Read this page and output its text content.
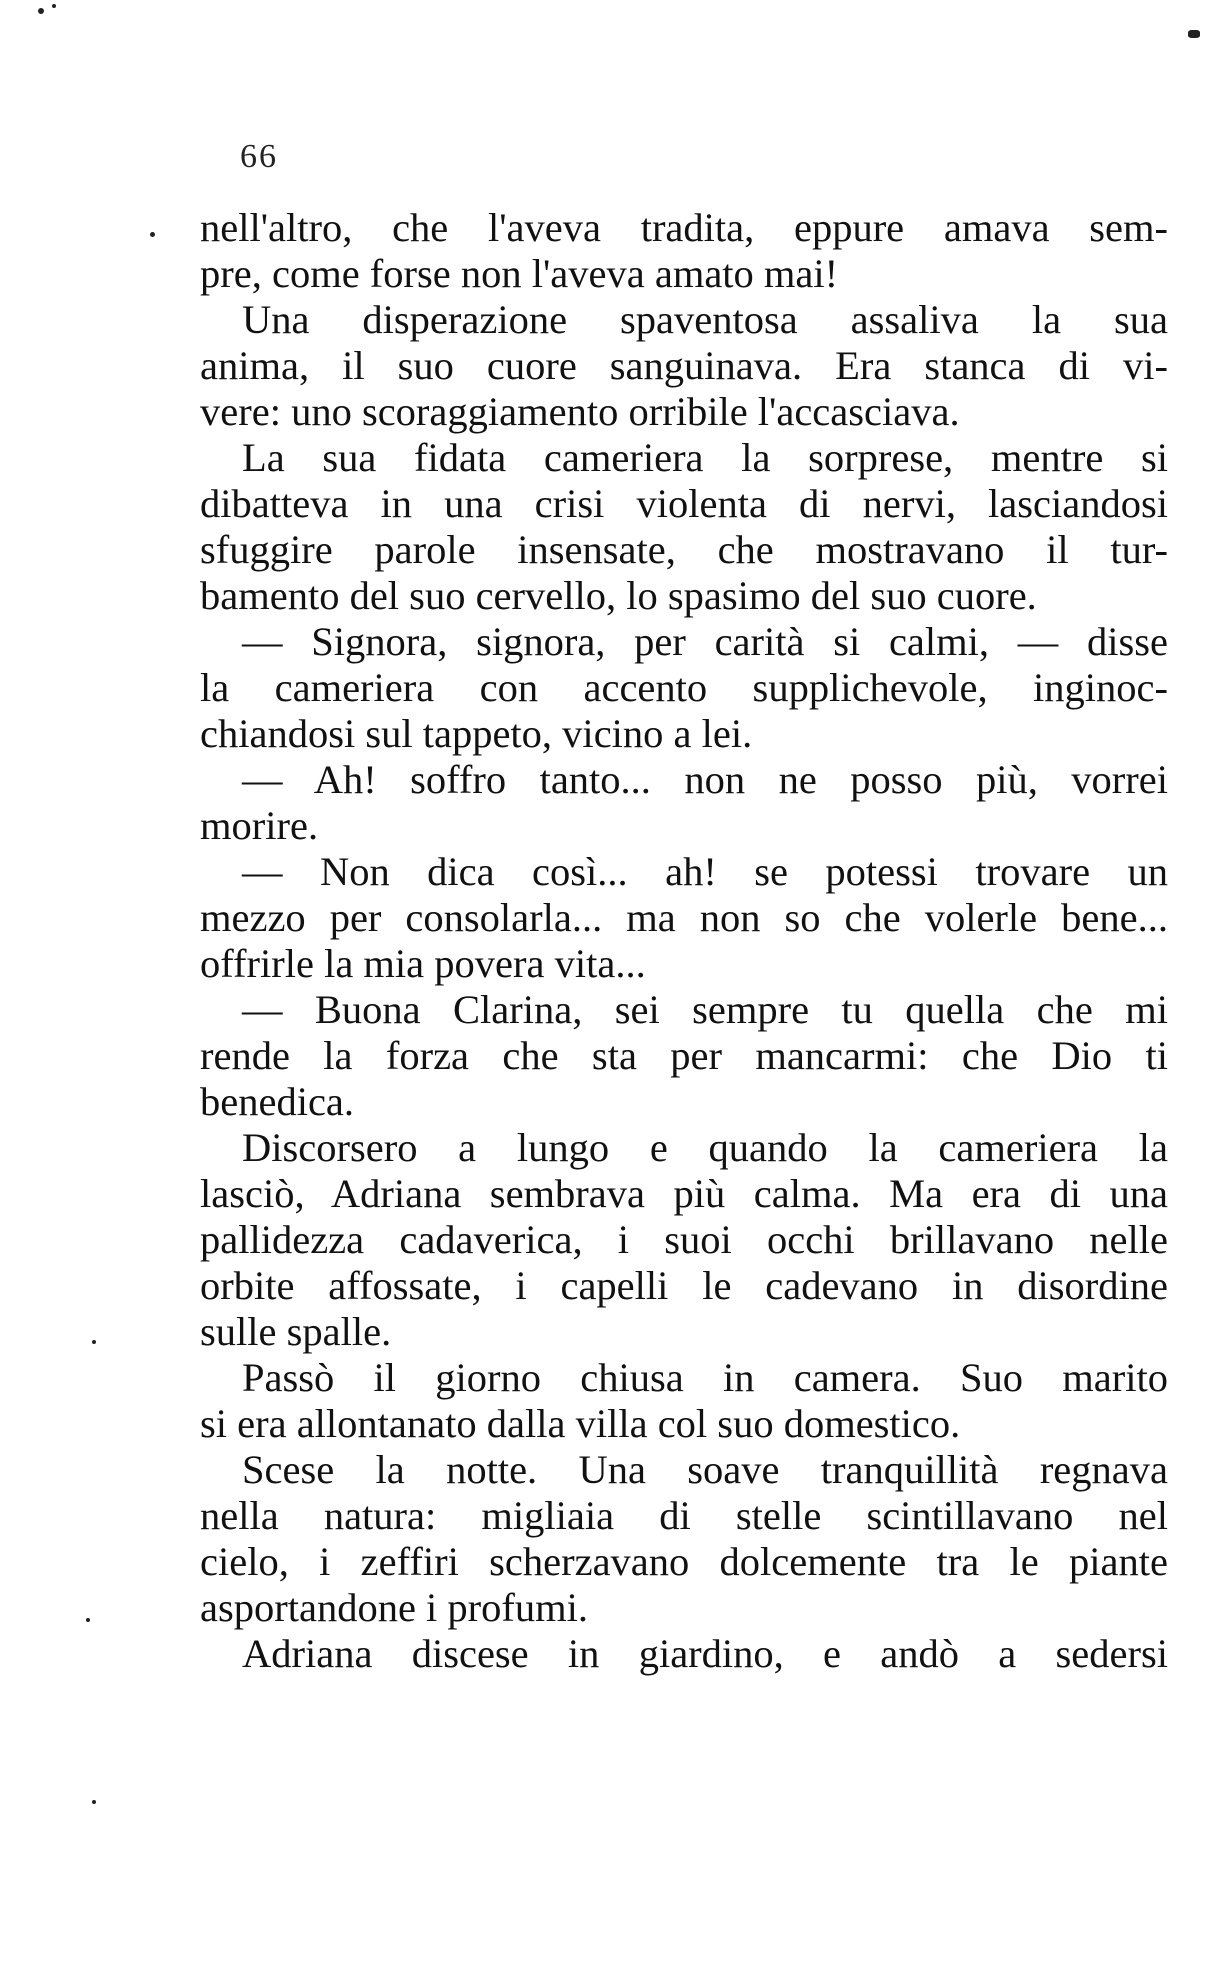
66
nell'altro, che l'aveva tradita, eppure amava sem-
pre, come forse non l'aveva amato mai!
Una disperazione spaventosa assaliva la sua
anima, il suo cuore sanguinava. Era stanca di vi-
vere: uno scoraggiamento orribile l'accasciava.
La sua fidata cameriera la sorprese, mentre si
dibatteva in una crisi violenta di nervi, lasciandosi
sfuggire parole insensate, che mostravano il tur-
bamento del suo cervello, lo spasimo del suo cuore.
— Signora, signora, per carità si calmi, — disse
la cameriera con accento supplichevole, inginoc-
chiandosi sul tappeto, vicino a lei.
— Ah! soffro tanto... non ne posso più, vorrei
morire.
— Non dica così... ah! se potessi trovare un
mezzo per consolarla... ma non so che volerle bene...
offrirle la mia povera vita...
— Buona Clarina, sei sempre tu quella che mi
rende la forza che sta per mancarmi: che Dio ti
benedica.
Discorsero a lungo e quando la cameriera la
lasciò, Adriana sembrava più calma. Ma era di una
pallidezza cadaverica, i suoi occhi brillavano nelle
orbite affossate, i capelli le cadevano in disordine
sulle spalle.
Passò il giorno chiusa in camera. Suo marito
si era allontanato dalla villa col suo domestico.
Scese la notte. Una soave tranquillità regnava
nella natura: migliaia di stelle scintillavano nel
cielo, i zeffiri scherzavano dolcemente tra le piante
asportandone i profumi.
Adriana discese in giardino, e andò a sedersi
